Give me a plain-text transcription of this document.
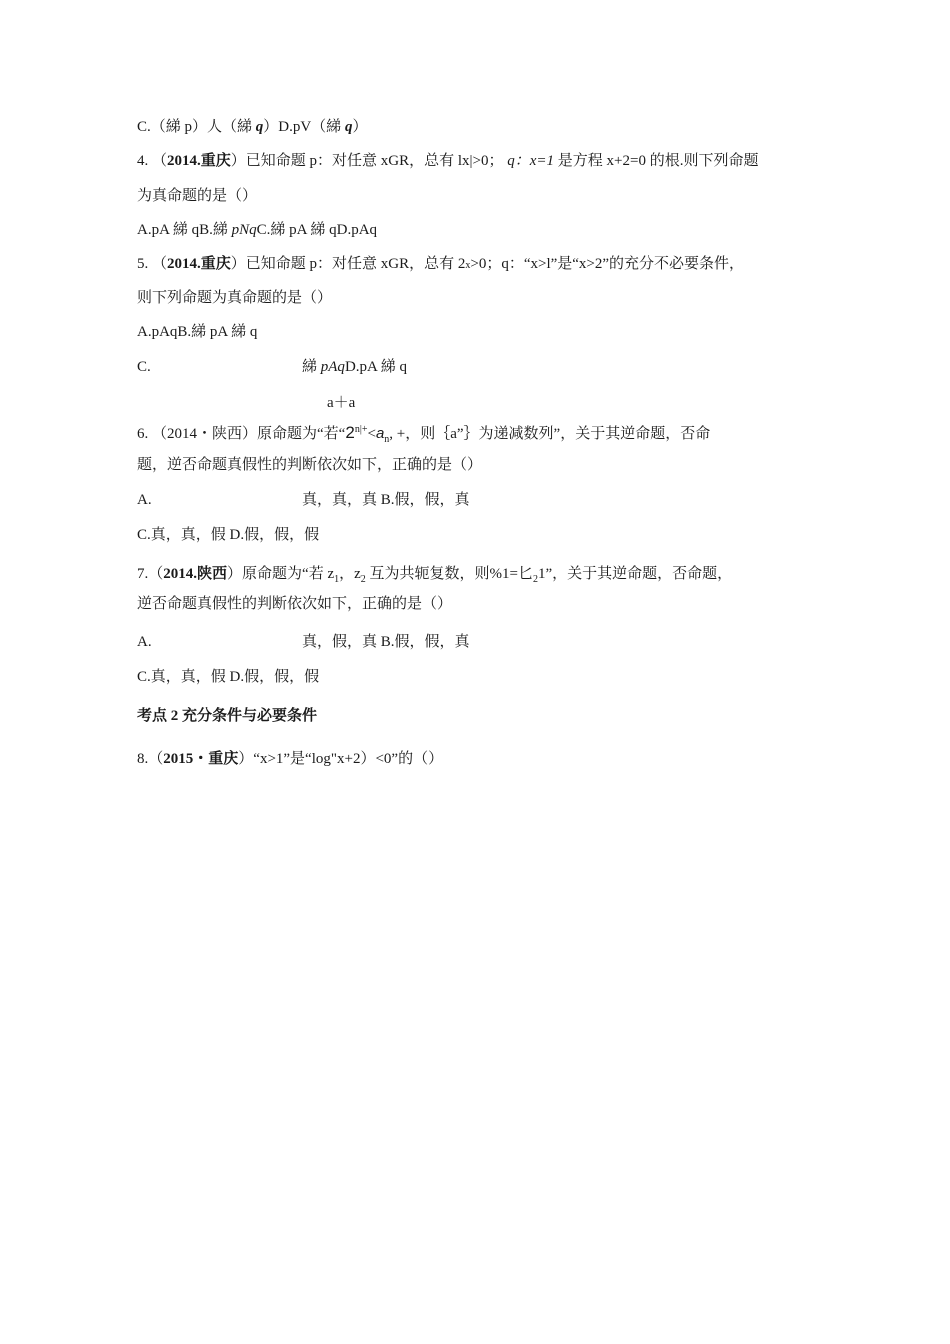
C.（綈 p）人（綈 q）D.pV（綈 q）
4. （2014.重庆）已知命题 p：对任意 xGR，总有 lx|>0； q：x=1 是方程 x+2=0 的根.则下列命题
为真命题的是（）
A.pA 綈 qB.綈 pNqC.綈 pA 綈 qD.pAq
5. （2014.重庆）已知命题 p：对任意 xGR，总有 2x>0；q：“x>l”是“x>2”的充分不必要条件，
则下列命题为真命题的是（）
A.pAqB.綈 pA 綈 q
C.	綈 pAqD.pA 綈 q
a＋a
6. （2014・陕西）原命题为“若“$2^{n|+}<a_n$, +，则｛a”｝为递减数列”，关于其逆命题，否命
题，逆否命题真假性的判断依次如下，正确的是（）
A.	真，真，真 B.假，假，真
C.真，真，假 D.假，假，假
7.（2014.陕西）原命题为“若 $z_1$，$z_2$ 互为共轭复数，则%1=匕$_2$1”，关于其逆命题，否命题，
逆否命题真假性的判断依次如下，正确的是（）
A.	真，假，真 B.假，假，真
C.真，真，假 D.假，假，假
考点 2 充分条件与必要条件
8.（2015・重庆）“x>1”是“log"x+2）<0”的（）
